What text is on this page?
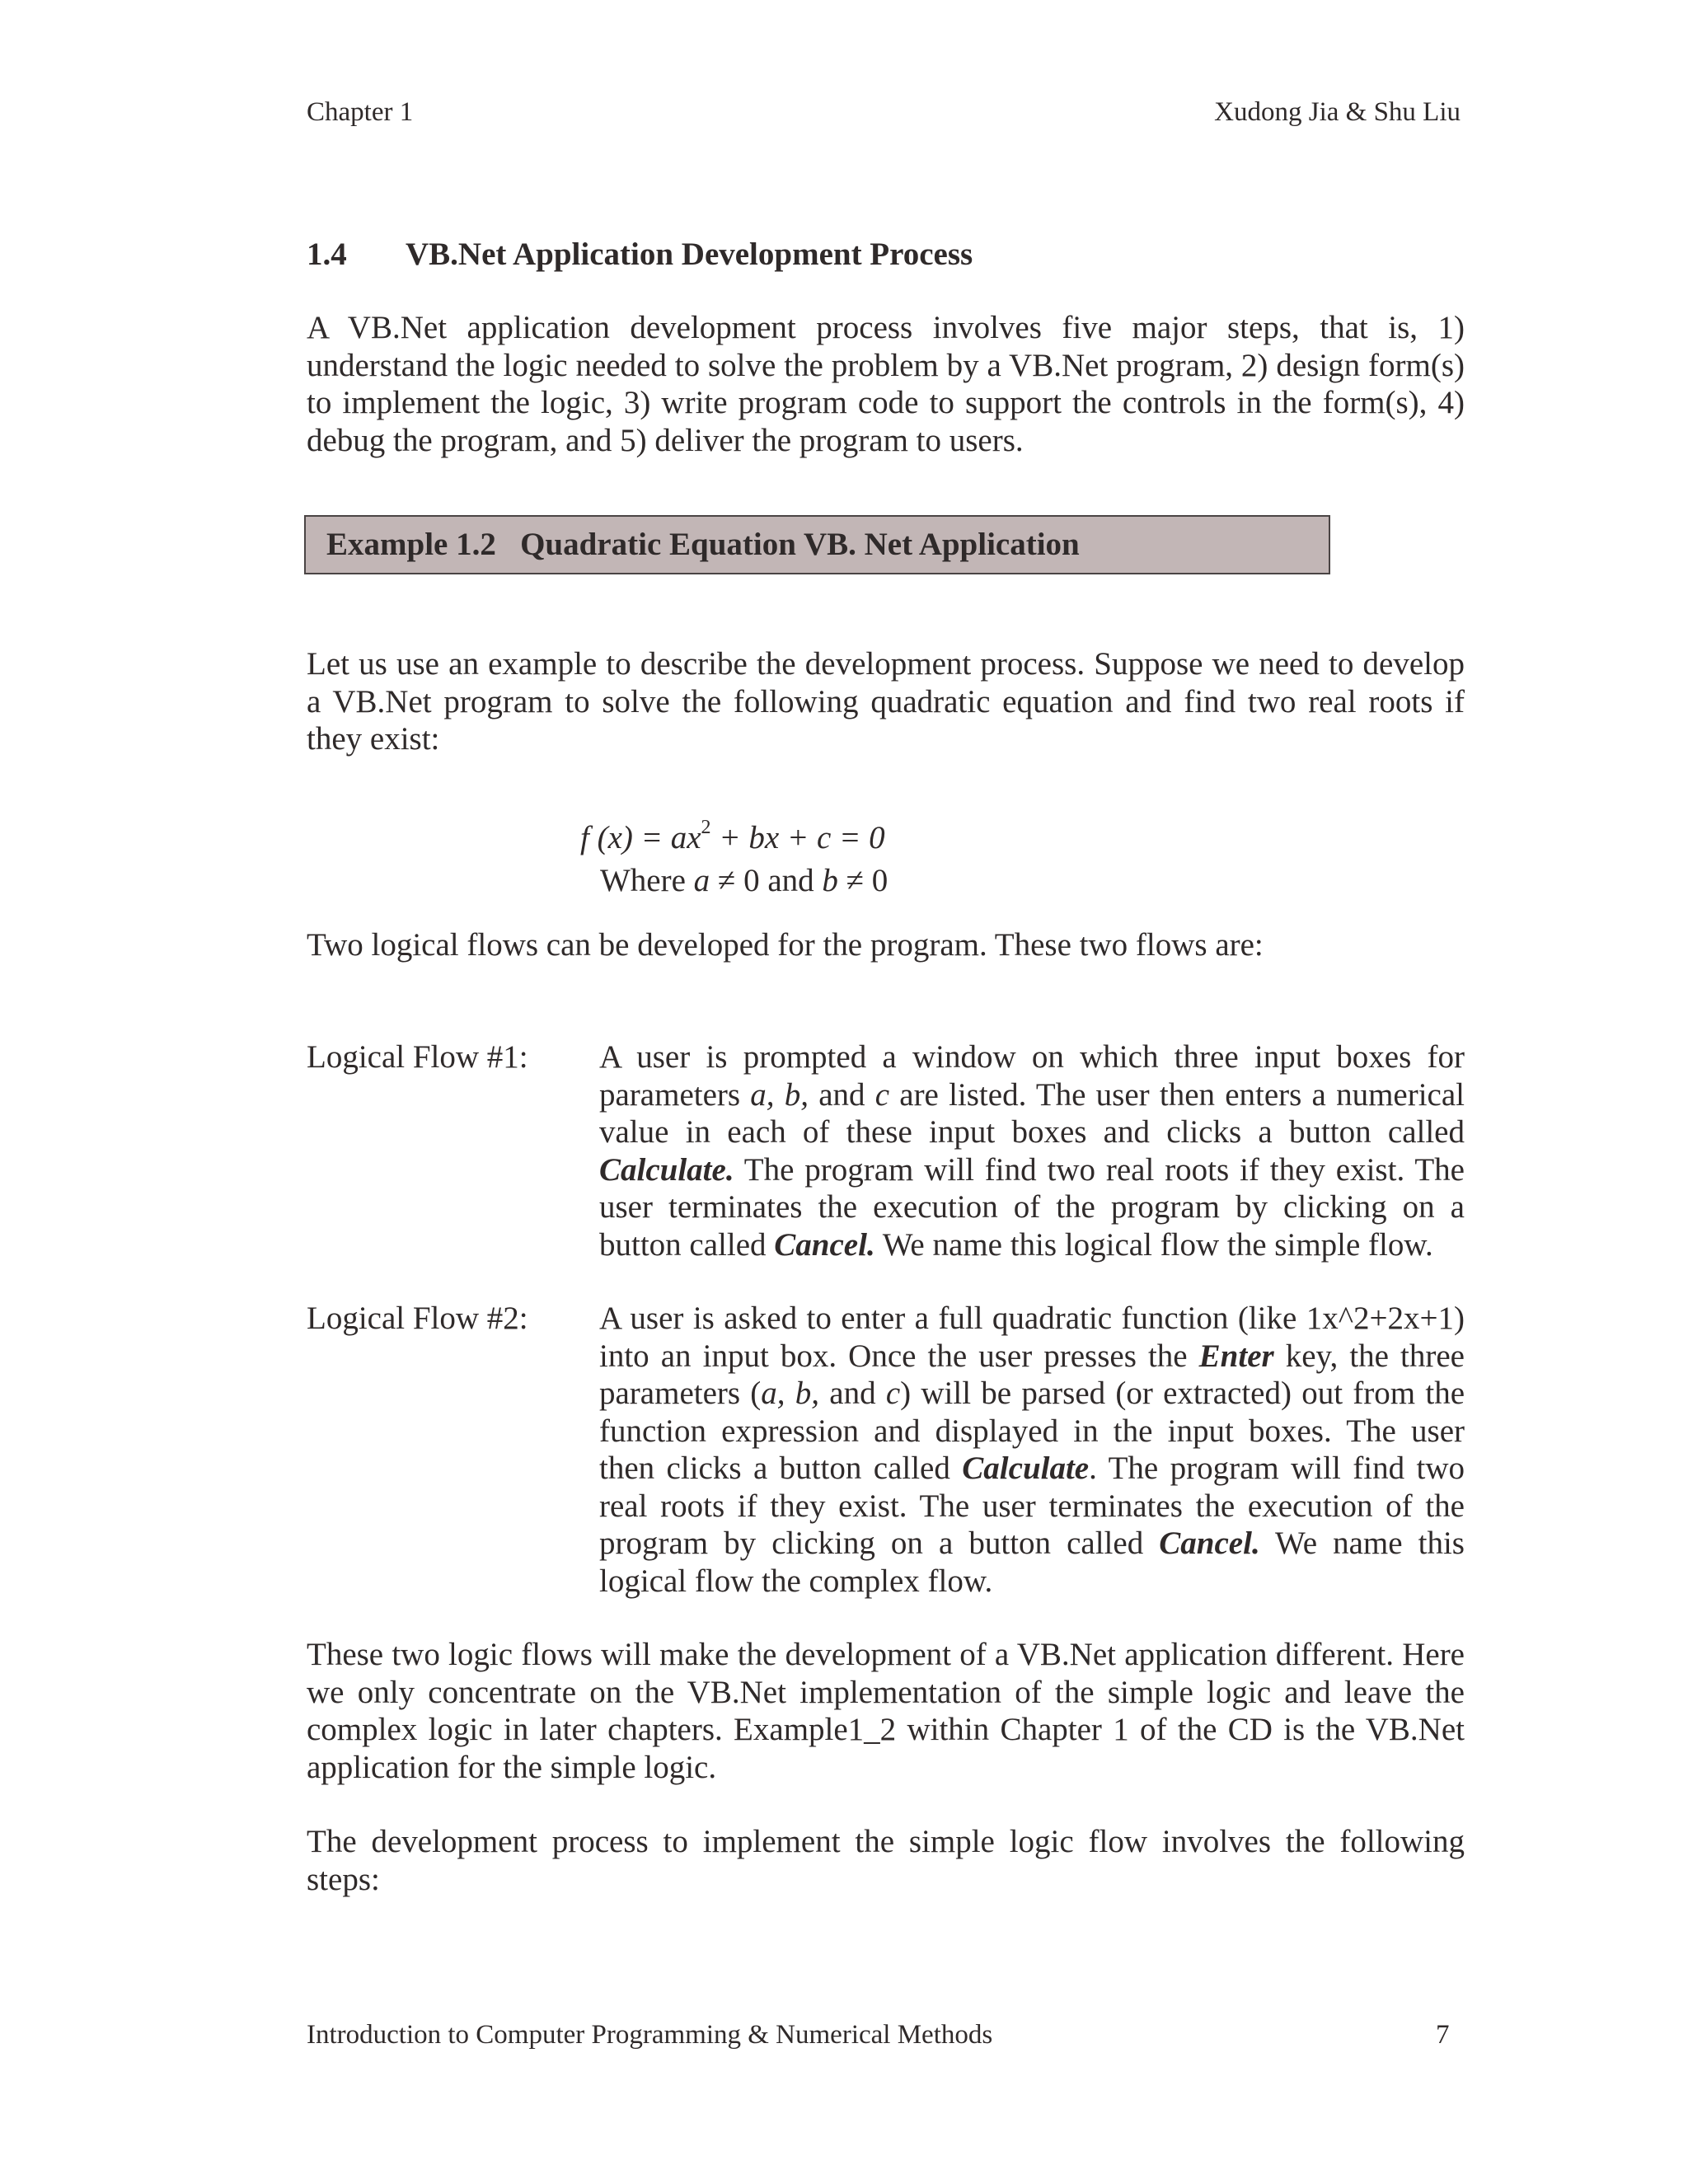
Chapter 1	Xudong Jia & Shu Liu
1.4 VB.Net Application Development Process
A VB.Net application development process involves five major steps, that is, 1) understand the logic needed to solve the problem by a VB.Net program, 2) design form(s) to implement the logic, 3) write program code to support the controls in the form(s), 4) debug the program, and 5) deliver the program to users.
Example 1.2 Quadratic Equation VB. Net Application
Let us use an example to describe the development process. Suppose we need to develop a VB.Net program to solve the following quadratic equation and find two real roots if they exist:
f $(x) = ax^2$ + bx + c = 0
Where a ≠ 0 and b ≠ 0
Two logical flows can be developed for the program. These two flows are:
Logical Flow #1: A user is prompted a window on which three input boxes for parameters a, b, and c are listed. The user then enters a numerical value in each of these input boxes and clicks a button called Calculate. The program will find two real roots if they exist. The user terminates the execution of the program by clicking on a button called Cancel. We name this logical flow the simple flow.
Logical Flow #2: A user is asked to enter a full quadratic function (like 1x^2+2x+1) into an input box. Once the user presses the Enter key, the three parameters (a, b, and c) will be parsed (or extracted) out from the function expression and displayed in the input boxes. The user then clicks a button called Calculate. The program will find two real roots if they exist. The user terminates the execution of the program by clicking on a button called Cancel. We name this logical flow the complex flow.
These two logic flows will make the development of a VB.Net application different. Here we only concentrate on the VB.Net implementation of the simple logic and leave the complex logic in later chapters. Example1_2 within Chapter 1 of the CD is the VB.Net application for the simple logic.
The development process to implement the simple logic flow involves the following steps:
Introduction to Computer Programming & Numerical Methods	7
